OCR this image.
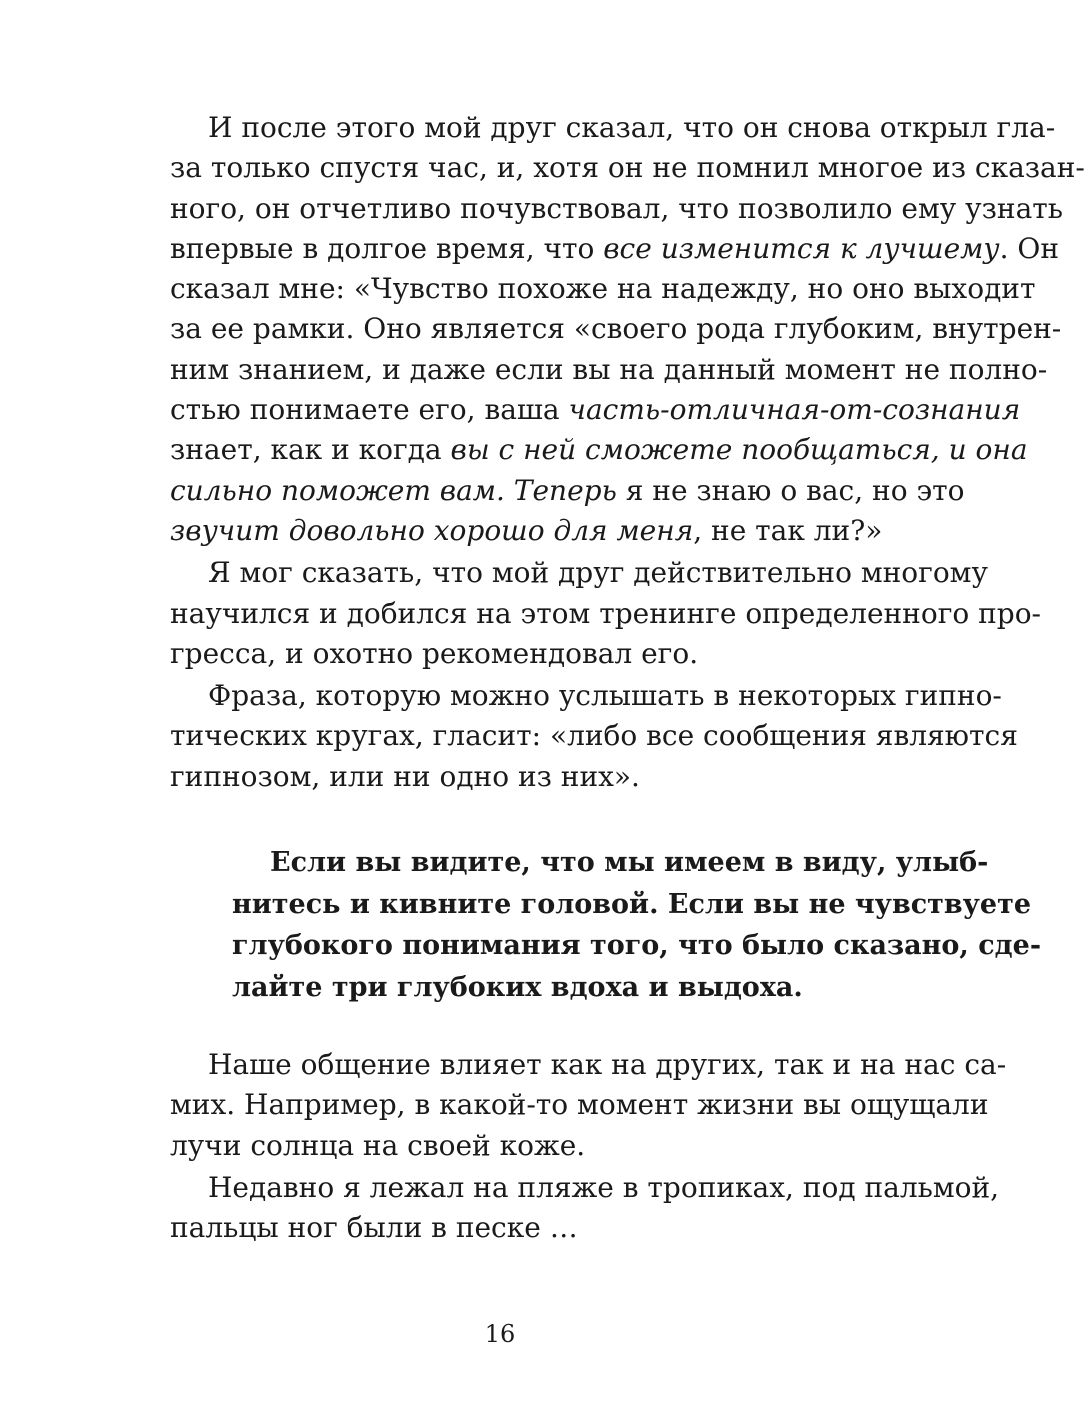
И после этого мой друг сказал, что он снова открыл гла-
за только спустя час, и, хотя он не помнил многое из сказан-
ного, он отчетливо почувствовал, что позволило ему узнать
впервые в долгое время, что все изменится к лучшему. Он
сказал мне: «Чувство похоже на надежду, но оно выходит
за ее рамки. Оно является «своего рода глубоким, внутрен-
ним знанием, и даже если вы на данный момент не полно-
стью понимаете его, ваша часть-отличная-от-сознания
знает, как и когда вы с ней сможете пообщаться, и она
сильно поможет вам. Теперь я не знаю о вас, но это
звучит довольно хорошо для меня, не так ли?»
Я мог сказать, что мой друг действительно многому
научился и добился на этом тренинге определенного про-
гресса, и охотно рекомендовал его.
Фраза, которую можно услышать в некоторых гипно-
тических кругах, гласит: «либо все сообщения являются
гипнозом, или ни одно из них».
Если вы видите, что мы имеем в виду, улыб-
нитесь и кивните головой. Если вы не чувствуете
глубокого понимания того, что было сказано, сде-
лайте три глубоких вдоха и выдоха.
Наше общение влияет как на других, так и на нас са-
мих. Например, в какой-то момент жизни вы ощущали
лучи солнца на своей коже.
Недавно я лежал на пляже в тропиках, под пальмой,
пальцы ног были в песке …
16
